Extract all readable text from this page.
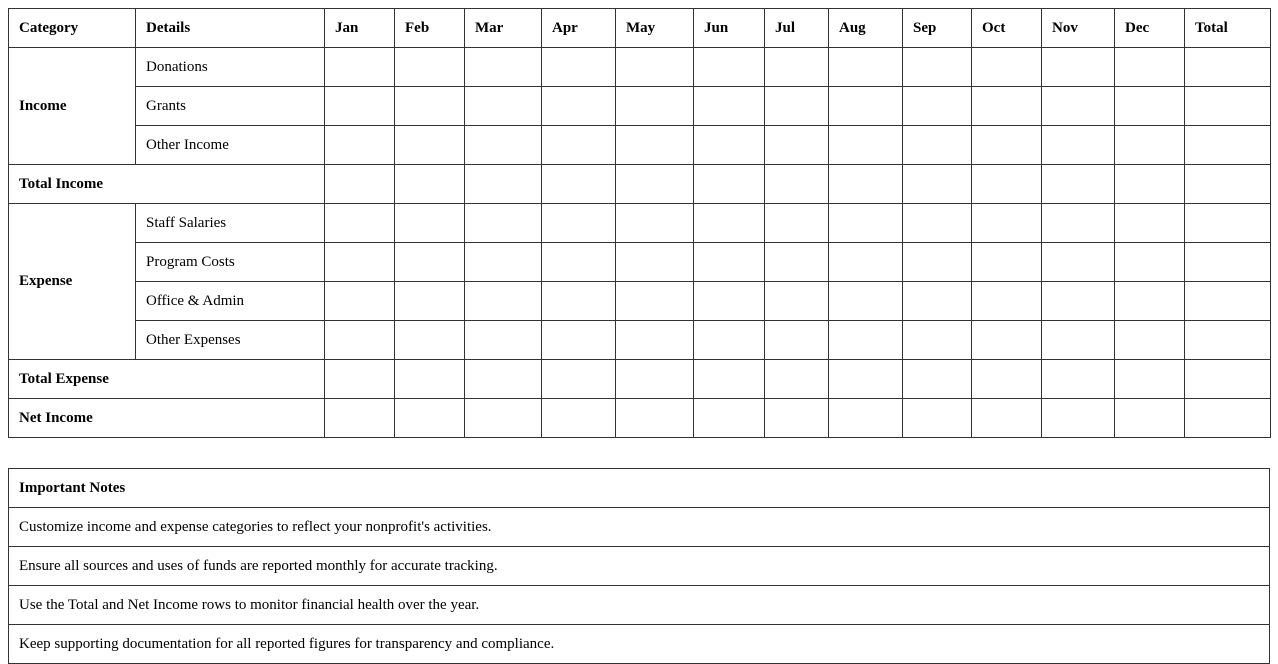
Category	Details	Jan	Feb	Mar	Apr	May	Jun	Jul	Aug	Sep	Oct	Nov	Dec	Total
Income	Donations													
	Grants													
	Other Income													
Total Income														
Expense	Staff Salaries													
	Program Costs													
	Office & Admin													
	Other Expenses													
Total Expense														
Net Income														
Important Notes
Customize income and expense categories to reflect your nonprofit's activities.
Ensure all sources and uses of funds are reported monthly for accurate tracking.
Use the Total and Net Income rows to monitor financial health over the year.
Keep supporting documentation for all reported figures for transparency and compliance.
